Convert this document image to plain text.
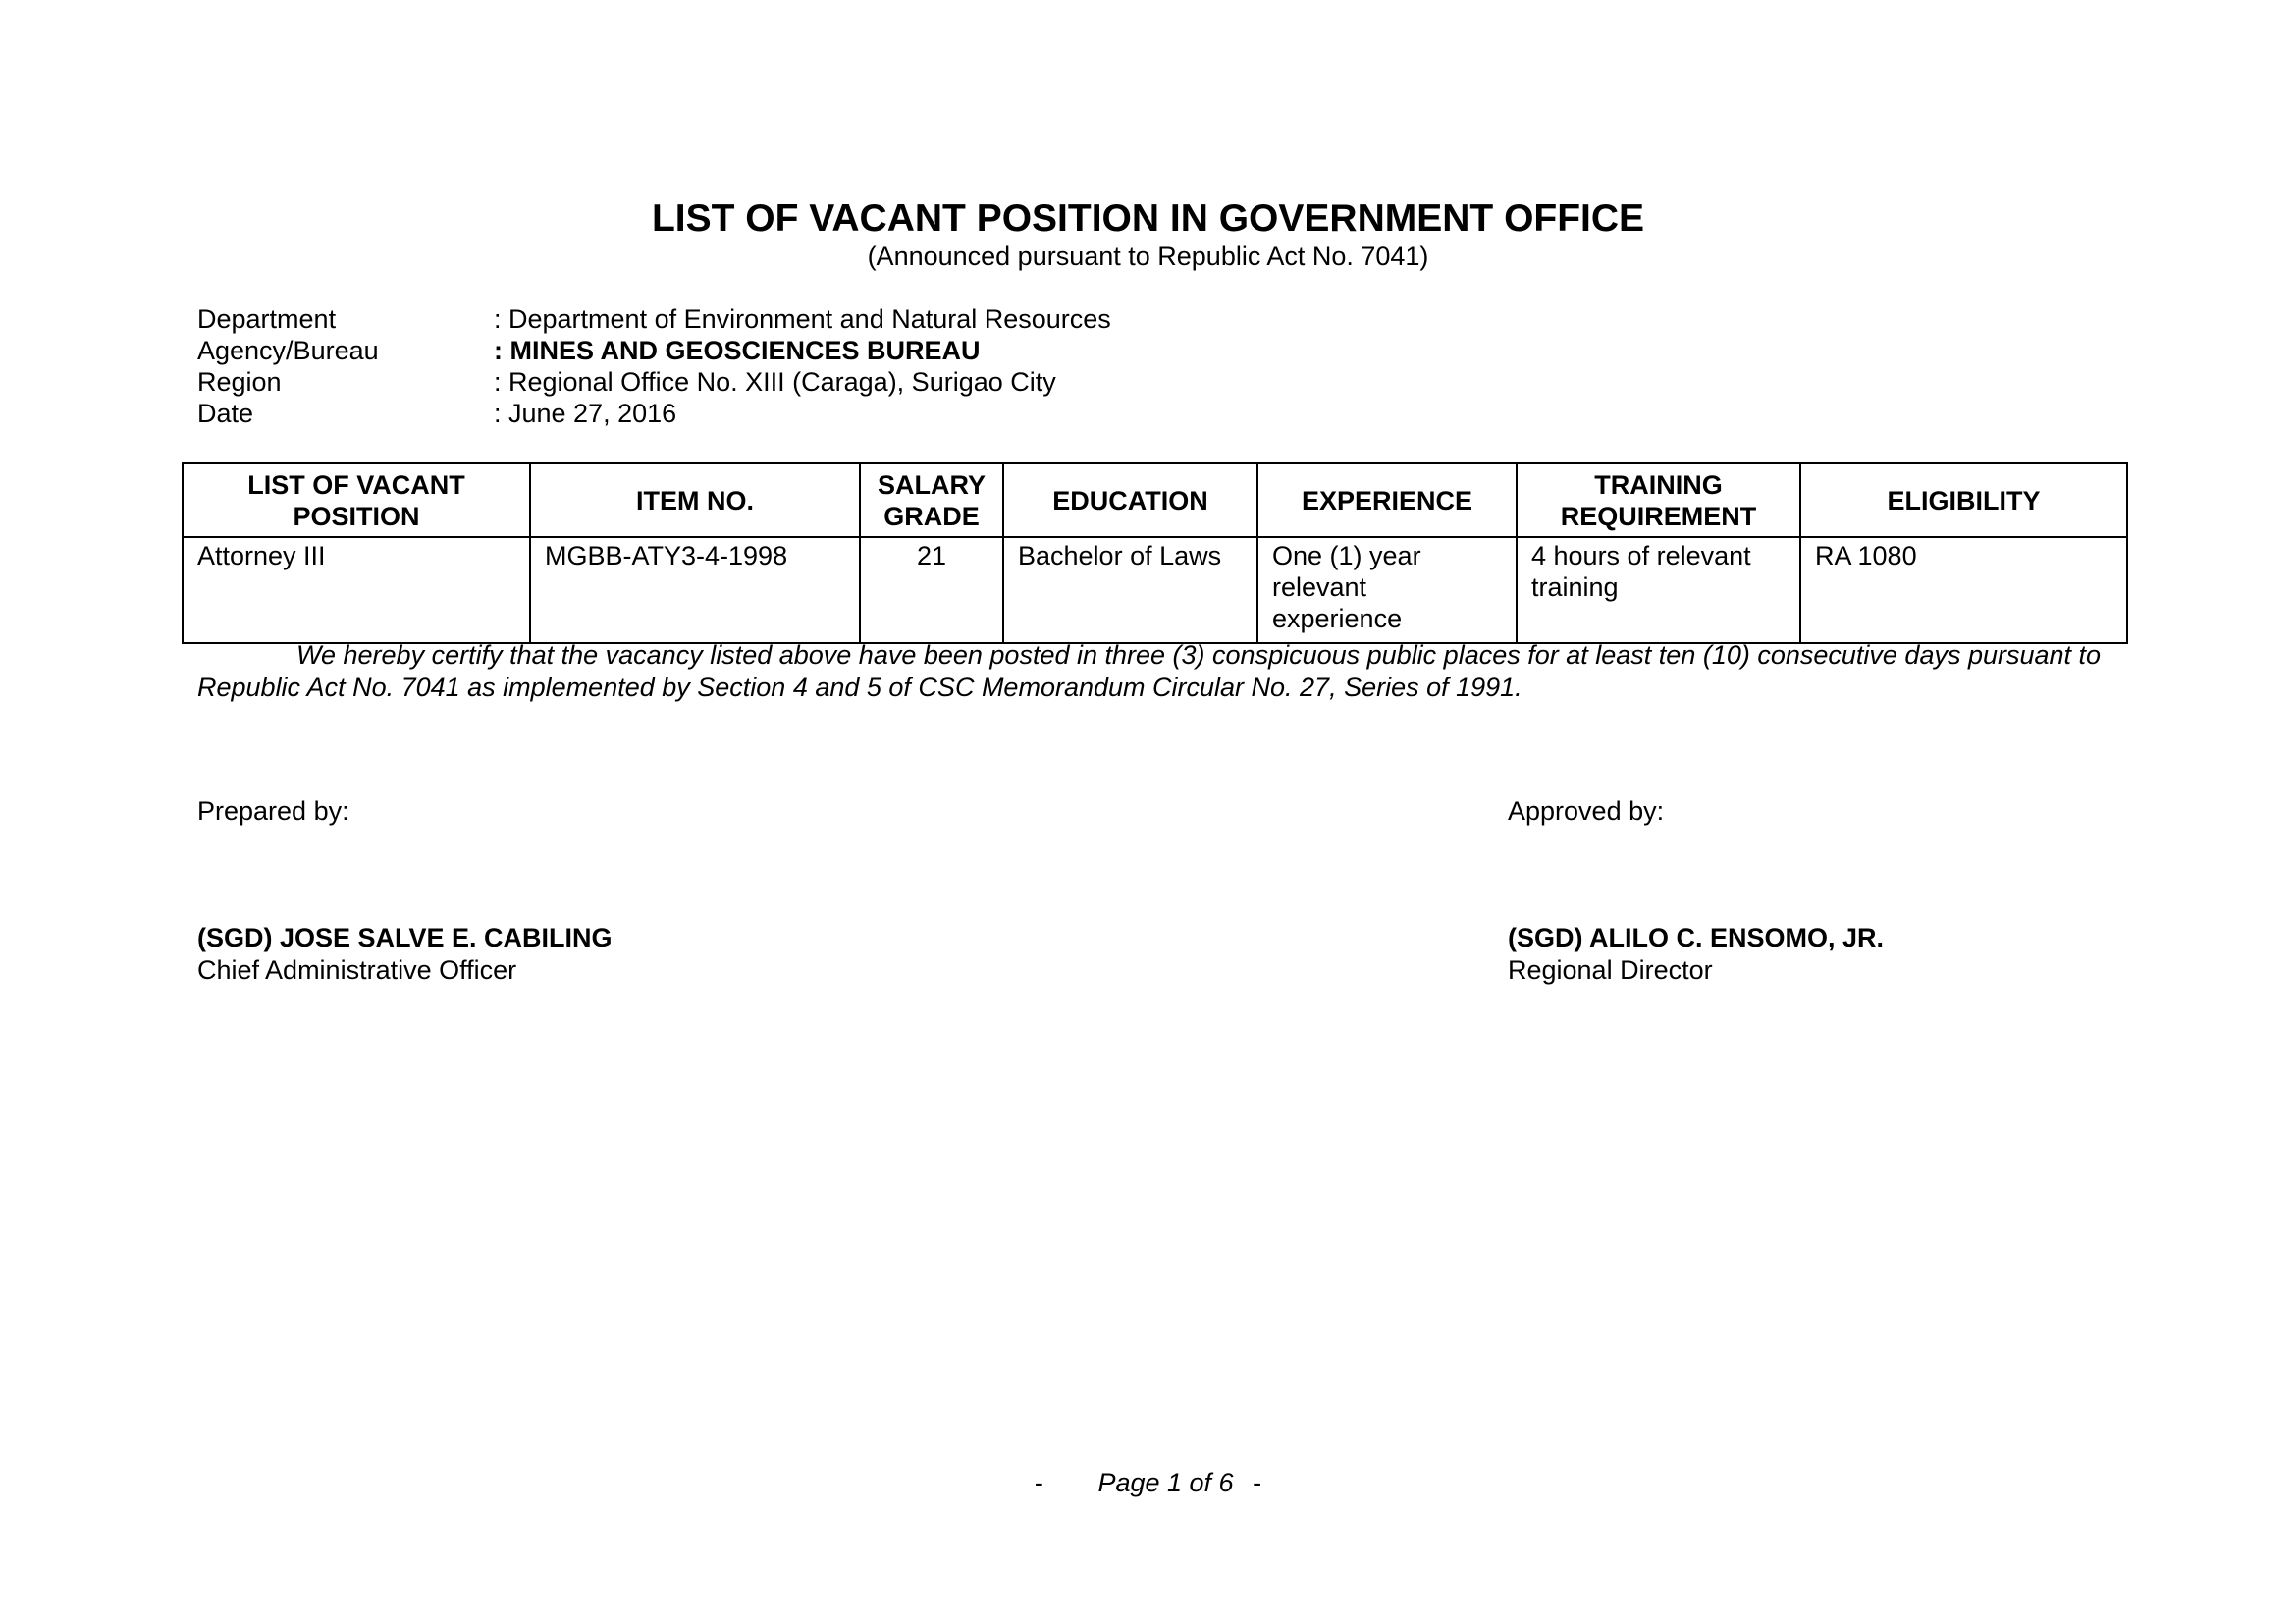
LIST OF VACANT POSITION IN GOVERNMENT OFFICE
(Announced pursuant to Republic Act No. 7041)
Department	: Department of Environment and Natural Resources
Agency/Bureau	: MINES AND GEOSCIENCES BUREAU
Region	: Regional Office No. XIII (Caraga), Surigao City
Date	: June 27, 2016
LIST OF VACANT POSITION	ITEM NO.	SALARY GRADE	EDUCATION	EXPERIENCE	TRAINING REQUIREMENT	ELIGIBILITY
Attorney III	MGBB-ATY3-4-1998	21	Bachelor of Laws	One (1) year relevant experience	4 hours of relevant training	RA 1080
We hereby certify that the vacancy listed above have been posted in three (3) conspicuous public places for at least ten (10) consecutive days pursuant to Republic Act No. 7041 as implemented by Section 4 and 5 of CSC Memorandum Circular No. 27, Series of 1991.
Prepared by:
(SGD) JOSE SALVE E. CABILING
Chief Administrative Officer
Approved by:
(SGD) ALILO C. ENSOMO, JR.
Regional Director
- Page 1 of 6 -
